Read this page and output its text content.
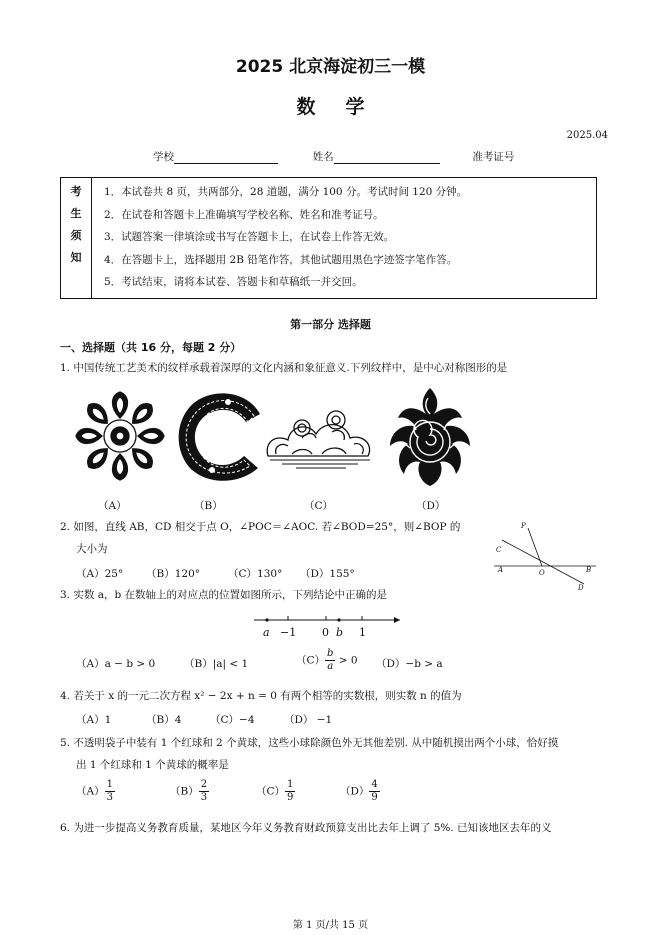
2025 北京海淀初三一模
数学
2025.04
学校	姓名	准考证号
考
生
须
知

1．本试卷共 8 页，共两部分，28 道题，满分 100 分。考试时间 120 分钟。
2．在试卷和答题卡上准确填写学校名称、姓名和准考证号。
3．试题答案一律填涂或书写在答题卡上，在试卷上作答无效。
4．在答题卡上，选择题用 2B 铅笔作答，其他试题用黑色字迹签字笔作答。
5．考试结束，请将本试卷、答题卡和草稿纸一并交回。
第一部分 选择题
一、选择题（共 16 分，每题 2 分）
1. 中国传统工艺美术的纹样承载着深厚的文化内涵和象征意义.下列纹样中，是中心对称图形的是
（A）	（B）	（C）	（D）
2. 如图，直线 AB，CD 相交于点 O，∠POC＝∠AOC. 若∠BOD=25°，则∠BOP 的
大小为
（A）25° （B）120°	（C）130° （D）155°
P
C
A	O	B
D
3. 实数 a，b 在数轴上的对应点的位置如图所示，下列结论中正确的是
a −1 0 b 1
（A）a − b > 0	（B）|a| < 1	$(C) \frac{b}{a} > 0$ （D）−b > a
4. 若关于 x 的一元二次方程 x² − 2x + n = 0 有两个相等的实数根，则实数 n 的值为
（A）1	（B）4	（C）−4	（D） −1
5. 不透明袋子中装有 1 个红球和 2 个黄球，这些小球除颜色外无其他差别. 从中随机摸出两个小球，恰好摸
出 1 个红球和 1 个黄球的概率是
$(A) \frac{1}{3}$	$(B) \frac{2}{3}$	$(C) \frac{1}{9}$	$(D) \frac{4}{9}$
6. 为进一步提高义务教育质量，某地区今年义务教育财政预算支出比去年上调了 5%. 已知该地区去年的义
第 1 页/共 15 页
